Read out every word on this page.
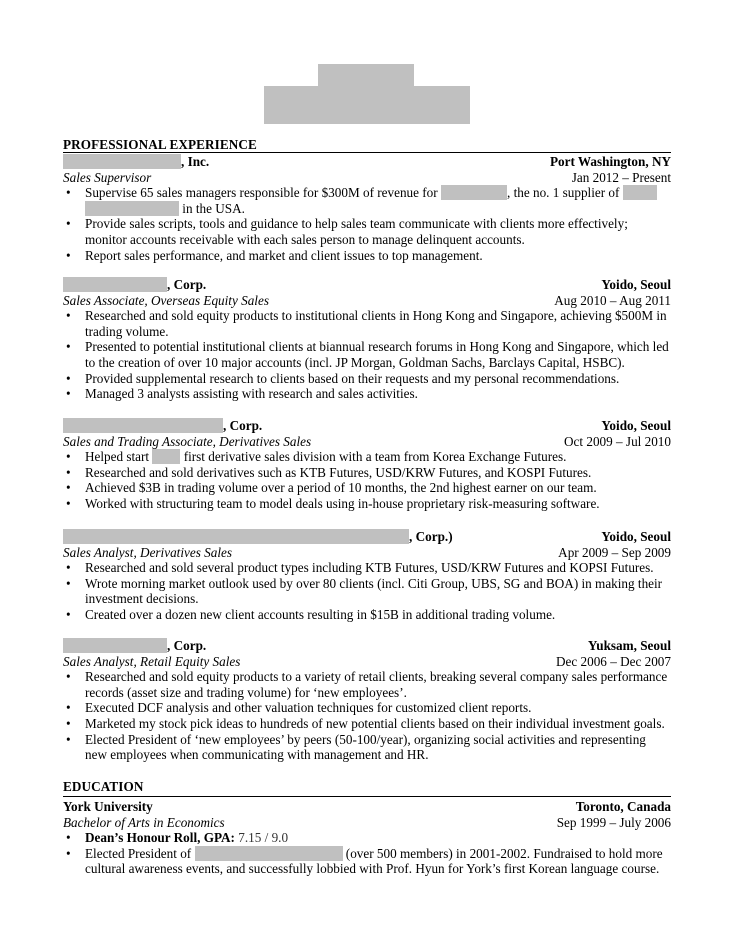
PROFESSIONAL EXPERIENCE
, Inc.	Port Washington, NY
Sales Supervisor	Jan 2012 – Present
• Supervise 65 sales managers responsible for $300M of revenue for	, the no. 1 supplier of
in the USA.
• Provide sales scripts, tools and guidance to help sales team communicate with clients more effectively; monitor accounts receivable with each sales person to manage delinquent accounts.
• Report sales performance, and market and client issues to top management.
, Corp.	Yoido, Seoul
Sales Associate, Overseas Equity Sales	Aug 2010 – Aug 2011
• Researched and sold equity products to institutional clients in Hong Kong and Singapore, achieving $500M in trading volume.
• Presented to potential institutional clients at biannual research forums in Hong Kong and Singapore, which led to the creation of over 10 major accounts (incl. JP Morgan, Goldman Sachs, Barclays Capital, HSBC).
• Provided supplemental research to clients based on their requests and my personal recommendations.
• Managed 3 analysts assisting with research and sales activities.
, Corp.	Yoido, Seoul
Sales and Trading Associate, Derivatives Sales	Oct 2009 – Jul 2010
• Helped start	first derivative sales division with a team from Korea Exchange Futures.
• Researched and sold derivatives such as KTB Futures, USD/KRW Futures, and KOSPI Futures.
• Achieved $3B in trading volume over a period of 10 months, the 2nd highest earner on our team.
• Worked with structuring team to model deals using in-house proprietary risk-measuring software.
, Corp.)	Yoido, Seoul
Sales Analyst, Derivatives Sales	Apr 2009 – Sep 2009
• Researched and sold several product types including KTB Futures, USD/KRW Futures and KOPSI Futures.
• Wrote morning market outlook used by over 80 clients (incl. Citi Group, UBS, SG and BOA) in making their investment decisions.
• Created over a dozen new client accounts resulting in $15B in additional trading volume.
, Corp.	Yuksam, Seoul
Sales Analyst, Retail Equity Sales	Dec 2006 – Dec 2007
• Researched and sold equity products to a variety of retail clients, breaking several company sales performance records (asset size and trading volume) for ‘new employees’.
• Executed DCF analysis and other valuation techniques for customized client reports.
• Marketed my stock pick ideas to hundreds of new potential clients based on their individual investment goals.
• Elected President of ‘new employees’ by peers (50-100/year), organizing social activities and representing new employees when communicating with management and HR.
EDUCATION
York University	Toronto, Canada
Bachelor of Arts in Economics	Sep 1999 – July 2006
• Dean’s Honour Roll, GPA: 7.15 / 9.0
• Elected President of	(over 500 members) in 2001-2002. Fundraised to hold more cultural awareness events, and successfully lobbied with Prof. Hyun for York’s first Korean language course.
